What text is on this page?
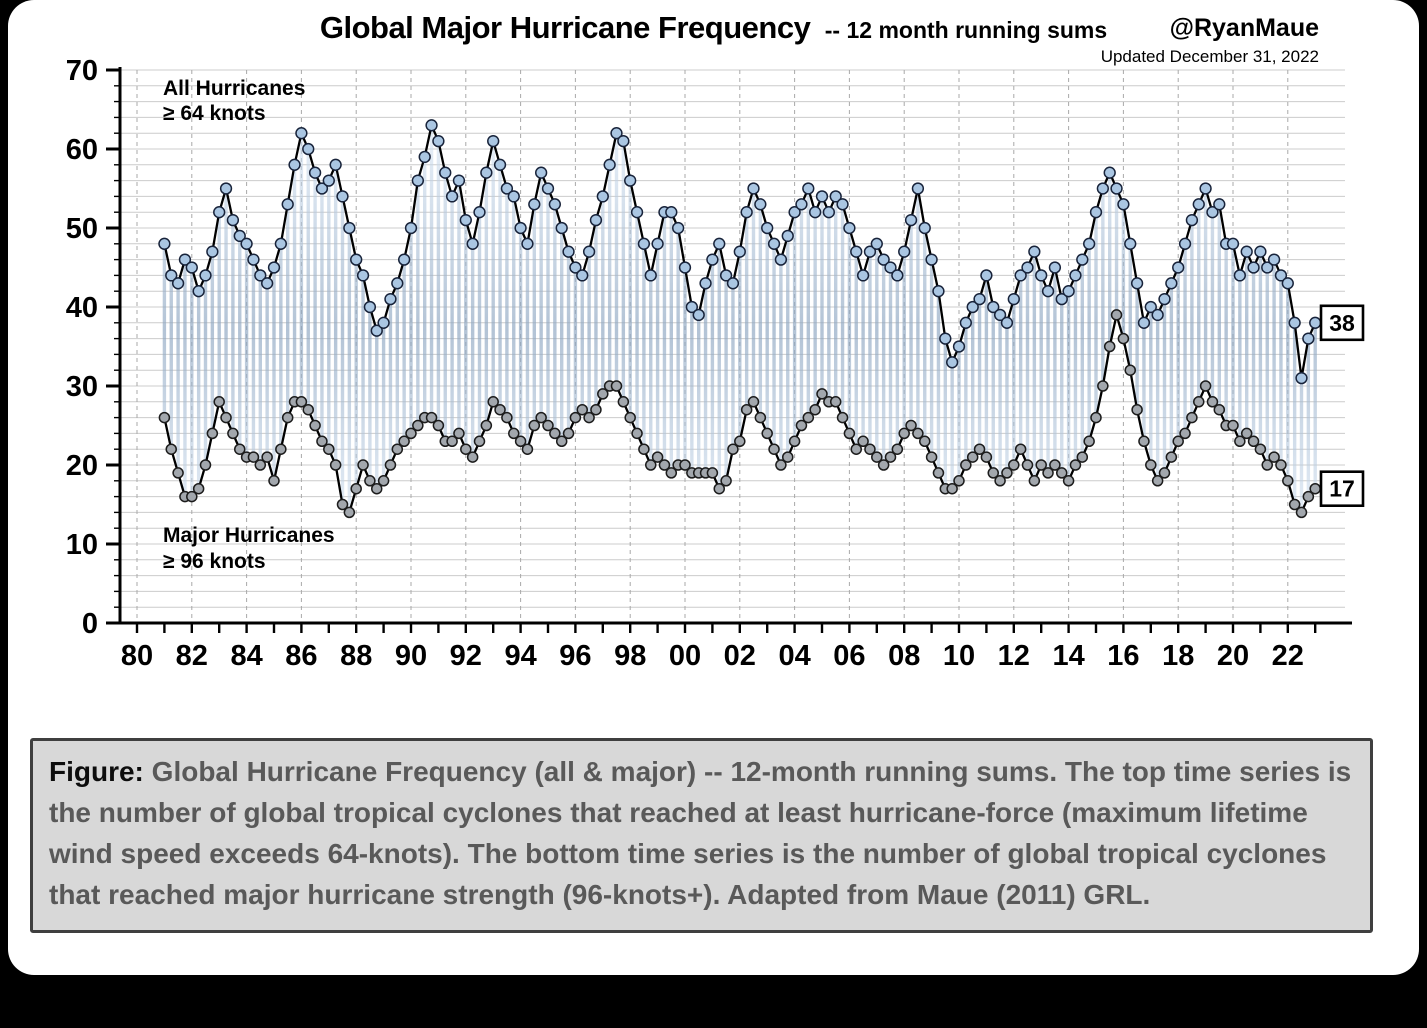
Global Major Hurricane Frequency -- 12 month running sums	@RyanMaue
Updated December 31, 2022
0
10
20
30
40
50
60
70
80 82 84 86 88 90 92 94 96 98 00 02 04 06 08 10 12 14 16 18 20 22
All Hurricanes
≥ 64 knots
Major Hurricanes
≥ 96 knots
38
17
Figure: Global Hurricane Frequency (all & major) -- 12-month running sums. The top time series is the number of global tropical cyclones that reached at least hurricane-force (maximum lifetime wind speed exceeds 64-knots). The bottom time series is the number of global tropical cyclones that reached major hurricane strength (96-knots+). Adapted from Maue (2011) GRL.
